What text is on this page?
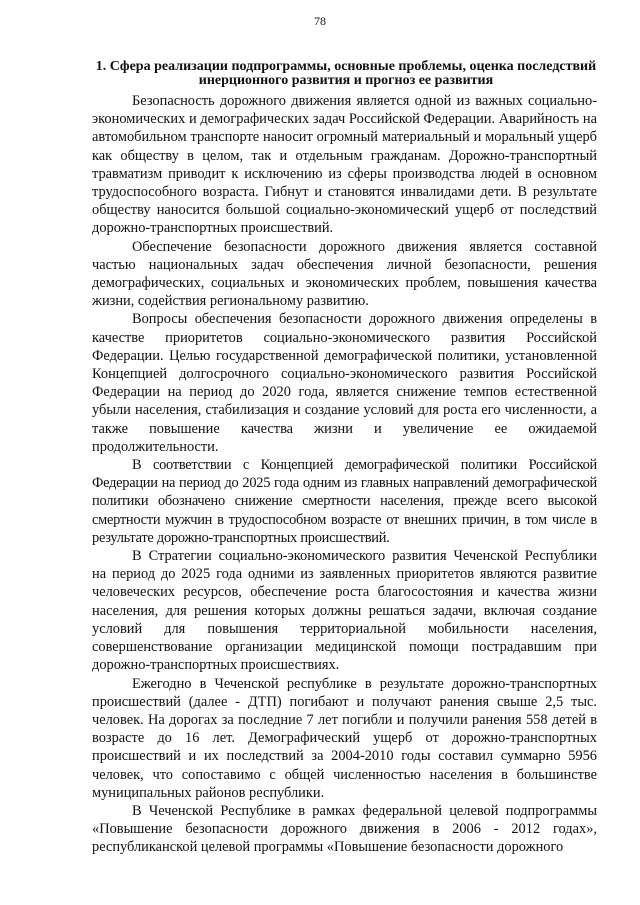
78
1. Сфера реализации подпрограммы, основные проблемы, оценка последствий инерционного развития и прогноз ее развития

Безопасность дорожного движения является одной из важных социально-экономических и демографических задач Российской Федерации. Аварийность на автомобильном транспорте наносит огромный материальный и моральный ущерб как обществу в целом, так и отдельным гражданам. Дорожно-транспортный травматизм приводит к исключению из сферы производства людей в основном трудоспособного возраста. Гибнут и становятся инвалидами дети. В результате обществу наносится большой социально-экономический ущерб от последствий дорожно-транспортных происшествий.

Обеспечение безопасности дорожного движения является составной частью национальных задач обеспечения личной безопасности, решения демографических, социальных и экономических проблем, повышения качества жизни, содействия региональному развитию.

Вопросы обеспечения безопасности дорожного движения определены в качестве приоритетов социально-экономического развития Российской Федерации. Целью государственной демографической политики, установленной Концепцией долгосрочного социально-экономического развития Российской Федерации на период до 2020 года, является снижение темпов естественной убыли населения, стабилизация и создание условий для роста его численности, а также повышение качества жизни и увеличение ее ожидаемой продолжительности.

В соответствии с Концепцией демографической политики Российской Федерации на период до 2025 года одним из главных направлений демографической политики обозначено снижение смертности населения, прежде всего высокой смертности мужчин в трудоспособном возрасте от внешних причин, в том числе в результате дорожно-транспортных происшествий.

В Стратегии социально-экономического развития Чеченской Республики на период до 2025 года одними из заявленных приоритетов являются развитие человеческих ресурсов, обеспечение роста благосостояния и качества жизни населения, для решения которых должны решаться задачи, включая создание условий для повышения территориальной мобильности населения, совершенствование организации медицинской помощи пострадавшим при дорожно-транспортных происшествиях.

Ежегодно в Чеченской республике в результате дорожно-транспортных происшествий (далее - ДТП) погибают и получают ранения свыше 2,5 тыс. человек. На дорогах за последние 7 лет погибли и получили ранения 558 детей в возрасте до 16 лет. Демографический ущерб от дорожно-транспортных происшествий и их последствий за 2004-2010 годы составил суммарно 5956 человек, что сопоставимо с общей численностью населения в большинстве муниципальных районов республики.

В Чеченской Республике в рамках федеральной целевой подпрограммы «Повышение безопасности дорожного движения в 2006 - 2012 годах», республиканской целевой программы «Повышение безопасности дорожного
